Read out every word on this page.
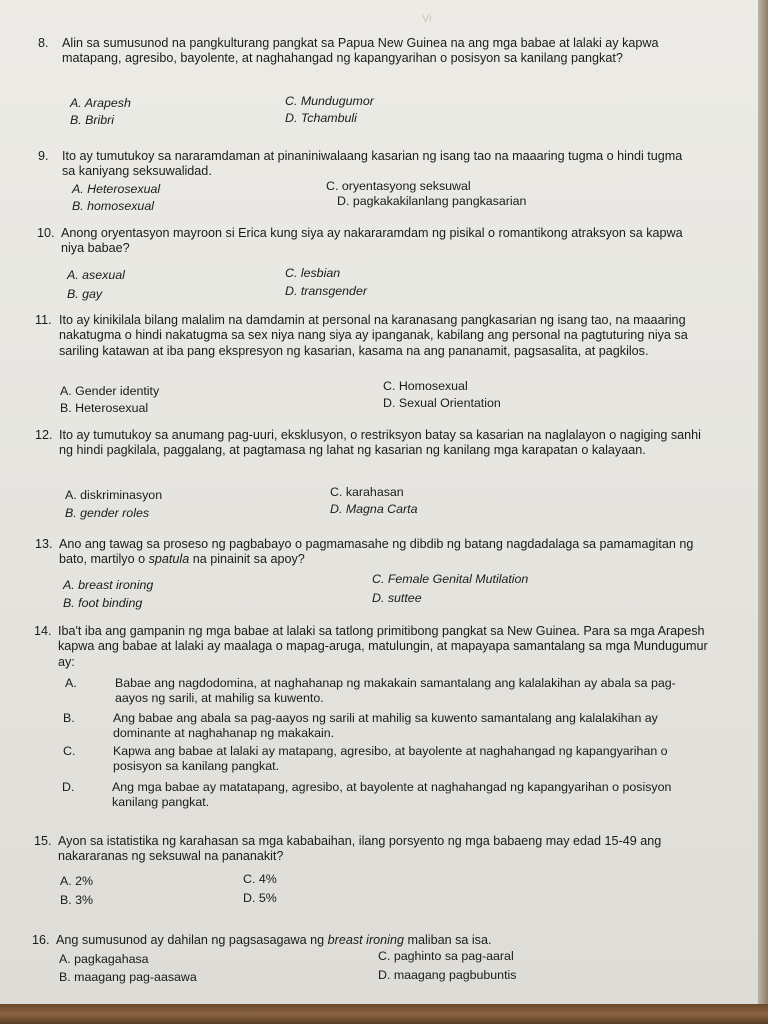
Vi
8. Alin sa sumusunod na pangkulturang pangkat sa Papua New Guinea na ang mga babae at lalaki ay kapwa matapang, agresibo, bayolente, at naghahangad ng kapangyarihan o posisyon sa kanilang pangkat?
A. Arapesh
B. Bribri
C. Mundugumor
D. Tchambuli
9. Ito ay tumutukoy sa nararamdaman at pinaniniwalaang kasarian ng isang tao na maaaring tugma o hindi tugma sa kaniyang seksuwalidad.
A. Heterosexual
B. homosexual
C. oryentasyong seksuwal
D. pagkakakilanlang pangkasarian
10. Anong oryentasyon mayroon si Erica kung siya ay nakararamdam ng pisikal o romantikong atraksyon sa kapwa niya babae?
A. asexual
B. gay
C. lesbian
D. transgender
11. Ito ay kinikilala bilang malalim na damdamin at personal na karanasang pangkasarian ng isang tao, na maaaring nakatugma o hindi nakatugma sa sex niya nang siya ay ipanganak, kabilang ang personal na pagtuturing niya sa sariling katawan at iba pang ekspresyon ng kasarian, kasama na ang pananamit, pagsasalita, at pagkilos.
A. Gender identity
B. Heterosexual
C. Homosexual
D. Sexual Orientation
12. Ito ay tumutukoy sa anumang pag-uuri, eksklusyon, o restriksyon batay sa kasarian na naglalayon o nagiging sanhi ng hindi pagkilala, paggalang, at pagtamasa ng lahat ng kasarian ng kanilang mga karapatan o kalayaan.
A. diskriminasyon
B. gender roles
C. karahasan
D. Magna Carta
13. Ano ang tawag sa proseso ng pagbabayo o pagmamasahe ng dibdib ng batang nagdadalaga sa pamamagitan ng bato, martilyo o spatula na pinainit sa apoy?
A. breast ironing
B. foot binding
C. Female Genital Mutilation
D. suttee
14. Iba't iba ang gampanin ng mga babae at lalaki sa tatlong primitibong pangkat sa New Guinea. Para sa mga Arapesh kapwa ang babae at lalaki ay maalaga o mapag-aruga, matulungin, at mapayapa samantalang sa mga Mundugumur ay:
A.	Babae ang nagdodomina, at naghahanap ng makakain samantalang ang kalalakihan ay abala sa pag- aayos ng sarili, at mahilig sa kuwento.
B.	Ang babae ang abala sa pag-aayos ng sarili at mahilig sa kuwento samantalang ang kalalakihan ay dominante at naghahanap ng makakain.
C.	Kapwa ang babae at lalaki ay matapang, agresibo, at bayolente at naghahangad ng kapangyarihan o posisyon sa kanilang pangkat.
D.	Ang mga babae ay matatapang, agresibo, at bayolente at naghahangad ng kapangyarihan o posisyon kanilang pangkat.
15. Ayon sa istatistika ng karahasan sa mga kababaihan, ilang porsyento ng mga babaeng may edad 15-49 ang nakararanas ng seksuwal na pananakit?
A. 2%
B. 3%
C. 4%
D. 5%
16. Ang sumusunod ay dahilan ng pagsasagawa ng breast ironing maliban sa isa.
A. pagkagahasa
B. maagang pag-aasawa
C. paghinto sa pag-aaral
D. maagang pagbubuntis
